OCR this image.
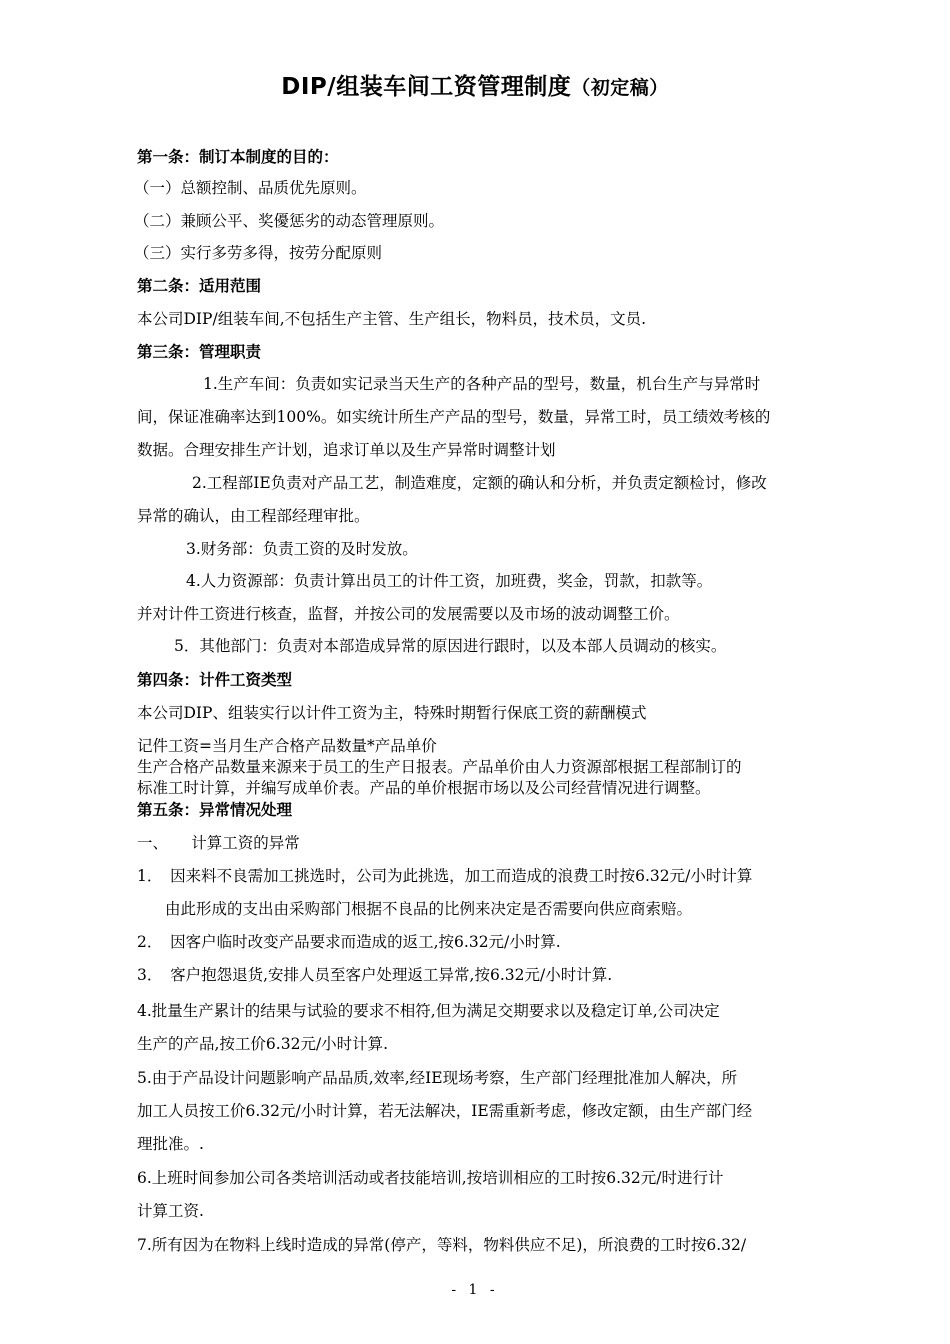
DIP/组装车间工资管理制度（初定稿）
第一条：制订本制度的目的：
（一）总额控制、品质优先原则。
（二）兼顾公平、奖優惩劣的动态管理原则。
（三）实行多劳多得，按劳分配原则
第二条：适用范围
本公司DIP/组装车间,不包括生产主管、生产组长，物料员，技术员，文员.
第三条：管理职责
1.生产车间：负责如实记录当天生产的各种产品的型号，数量，机台生产与异常时
间，保证准确率达到100%。如实统计所生产产品的型号，数量，异常工时，员工绩效考核的
数据。合理安排生产计划，追求订单以及生产异常时调整计划
2.工程部IE负责对产品工艺，制造难度，定额的确认和分析，并负责定额检讨，修改
异常的确认，由工程部经理审批。
3.财务部：负责工资的及时发放。
4.人力资源部：负责计算出员工的计件工资，加班费，奖金，罚款，扣款等。
并对计件工资进行核查，监督，并按公司的发展需要以及市场的波动调整工价。
5．其他部门：负责对本部造成异常的原因进行跟时，以及本部人员调动的核实。
第四条：计件工资类型
本公司DIP、组装实行以计件工资为主，特殊时期暂行保底工资的薪酬模式
记件工资=当月生产合格产品数量*产品单价
生产合格产品数量来源来于员工的生产日报表。产品单价由人力资源部根据工程部制订的
标准工时计算，并编写成单价表。产品的单价根据市场以及公司经营情况进行调整。
第五条：异常情况处理
一、　　计算工资的异常
1．　因来料不良需加工挑选时，公司为此挑选，加工而造成的浪费工时按6.32元/小时计算
由此形成的支出由采购部门根据不良品的比例来决定是否需要向供应商索赔。
2．　因客户临时改变产品要求而造成的返工,按6.32元/小时算.
3．　客户抱怨退货,安排人员至客户处理返工异常,按6.32元/小时计算.
4.批量生产累计的结果与试验的要求不相符,但为满足交期要求以及稳定订单,公司决定
生产的产品,按工价6.32元/小时计算.
5.由于产品设计问题影响产品品质,效率,经IE现场考察，生产部门经理批准加人解决，所
加工人员按工价6.32元/小时计算，若无法解决，IE需重新考虑，修改定额，由生产部门经
理批准。.
6.上班时间参加公司各类培训活动或者技能培训,按培训相应的工时按6.32元/时进行计
计算工资.
7.所有因为在物料上线时造成的异常(停产，等料，物料供应不足)，所浪费的工时按6.32/
- 1 -
